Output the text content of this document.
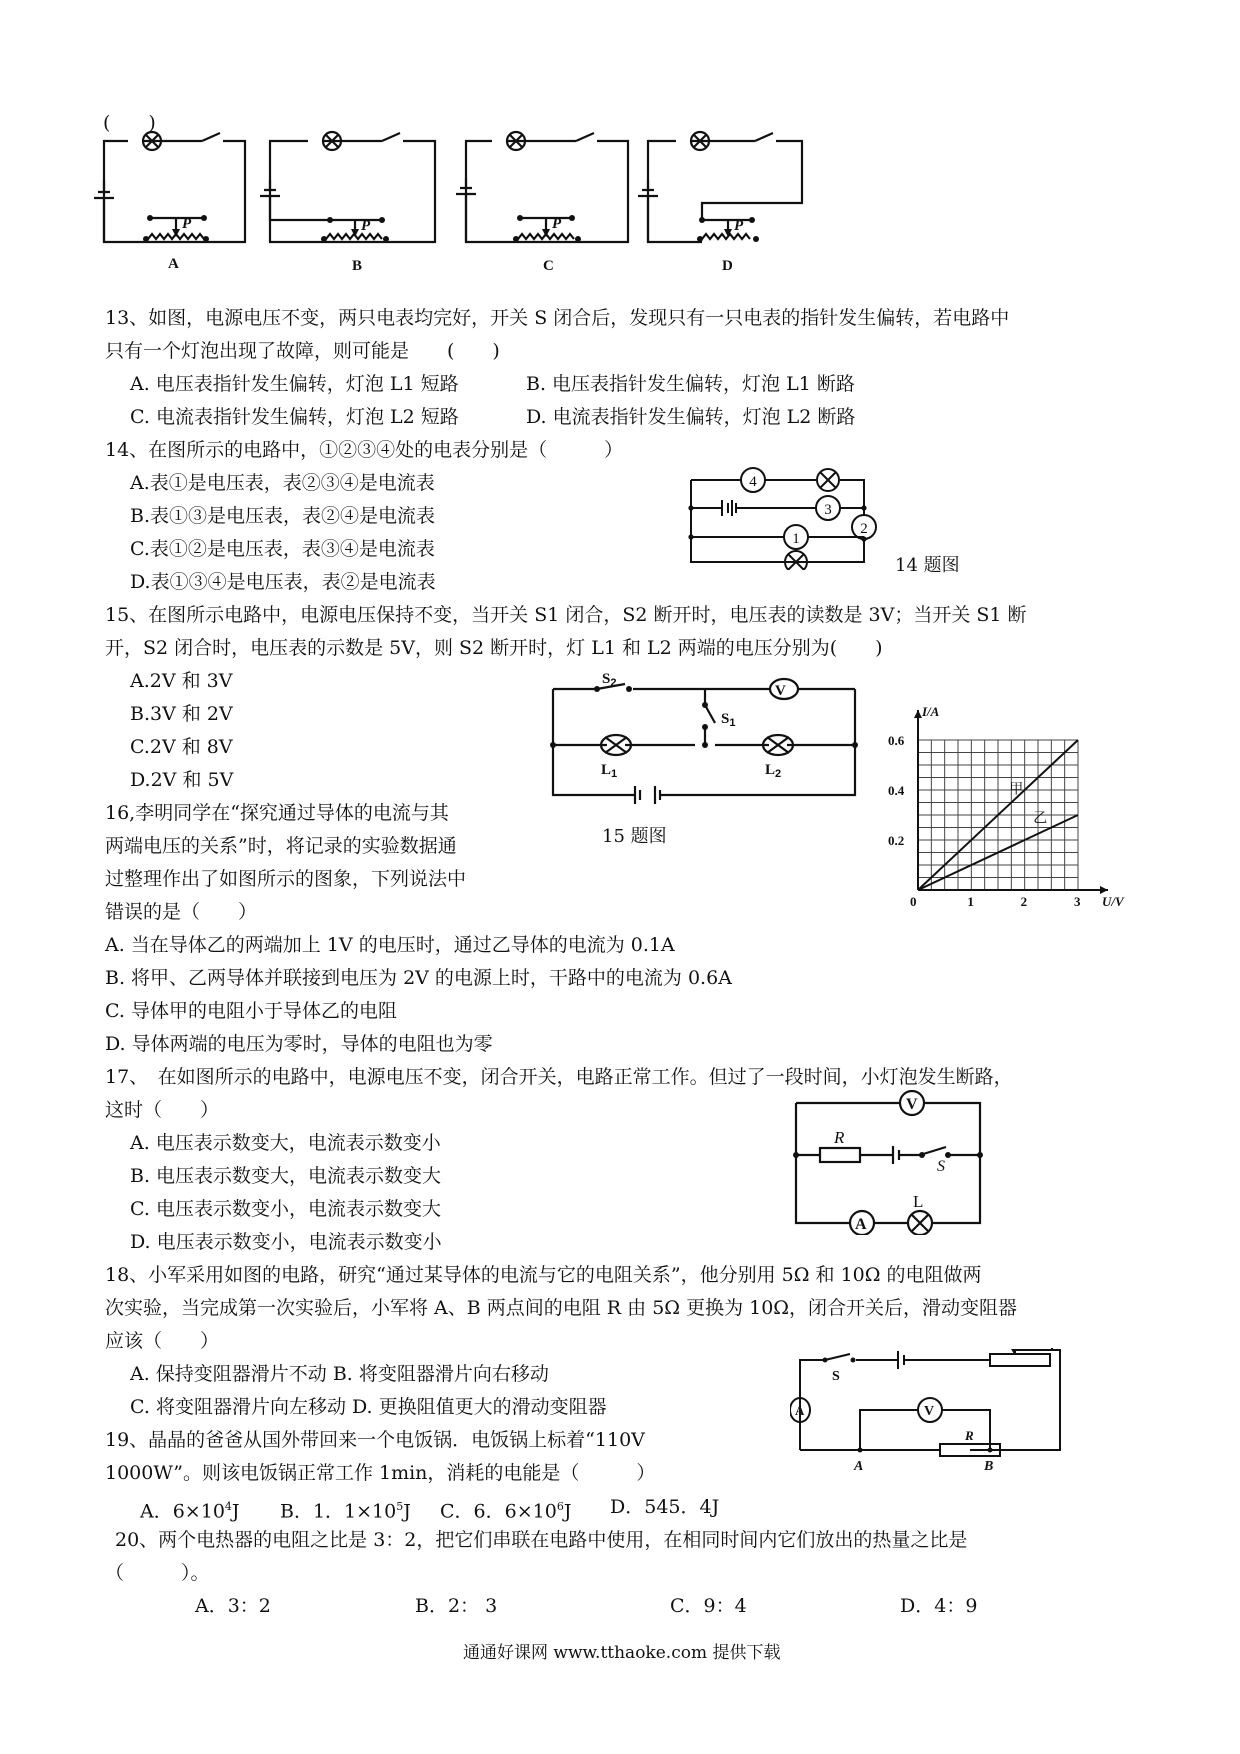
(　　)
P	P	P	P
A	B	C	D
13、如图，电源电压不变，两只电表均完好，开关 S 闭合后，发现只有一只电表的指针发生偏转，若电路中
只有一个灯泡出现了故障，则可能是　　(　　)
A. 电压表指针发生偏转，灯泡 L1 短路	B. 电压表指针发生偏转，灯泡 L1 断路
C. 电流表指针发生偏转，灯泡 L2 短路	D. 电流表指针发生偏转，灯泡 L2 断路
14、在图所示的电路中，①②③④处的电表分别是（　　　）
A.表①是电压表，表②③④是电流表
B.表①③是电压表，表②④是电流表
C.表①②是电压表，表③④是电流表
D.表①③④是电压表，表②是电流表
4
3
2
1
14 题图
15、在图所示电路中，电源电压保持不变，当开关 S1 闭合，S2 断开时，电压表的读数是 3V；当开关 S1 断
开，S2 闭合时，电压表的示数是 5V，则 S2 断开时，灯 L1 和 L2 两端的电压分别为(　　)
A.2V 和 3V
B.3V 和 2V
C.2V 和 8V
D.2V 和 5V
$S_2$	V
$S_1$
$L_1$	$L_2$
15 题图
0	1	2	3
0.2
0.4
0.6
U/V
I/A
甲
乙
16,李明同学在“探究通过导体的电流与其
两端电压的关系”时，将记录的实验数据通
过整理作出了如图所示的图象，下列说法中
错误的是（　　）
A. 当在导体乙的两端加上 1V 的电压时，通过乙导体的电流为 0.1A
B. 将甲、乙两导体并联接到电压为 2V 的电源上时，干路中的电流为 0.6A
C. 导体甲的电阻小于导体乙的电阻
D. 导体两端的电压为零时，导体的电阻也为零
17、　在如图所示的电路中，电源电压不变，闭合开关，电路正常工作。但过了一段时间，小灯泡发生断路，
这时（　　）
A. 电压表示数变大，电流表示数变小
B. 电压表示数变大，电流表示数变大
C. 电压表示数变小，电流表示数变大
D. 电压表示数变小，电流表示数变小
V
R
S
A
L
18、小军采用如图的电路，研究“通过某导体的电流与它的电阻关系”，他分别用 5Ω 和 10Ω 的电阻做两
次实验，当完成第一次实验后，小军将 A、B 两点间的电阻 R 由 5Ω 更换为 10Ω，闭合开关后，滑动变阻器
应该（　　）
A. 保持变阻器滑片不动 B. 将变阻器滑片向右移动
C. 将变阻器滑片向左移动 D. 更换阻值更大的滑动变阻器
S
A	V
R
A	B
19、晶晶的爸爸从国外带回来一个电饭锅．电饭锅上标着“110V
1000W”。则该电饭锅正常工作 1min，消耗的电能是（　　　）
A．$6\times 10^4J$ B．1．$1\times 10^5J$ C．6．$6\times 10^6J$ D．545．4J
20、两个电热器的电阻之比是 3：2，把它们串联在电路中使用，在相同时间内它们放出的热量之比是
（　　　）。
A．3：2	B．2： 3	C．9：4	D．4：9
通通好课网 www.tthaoke.com 提供下载
